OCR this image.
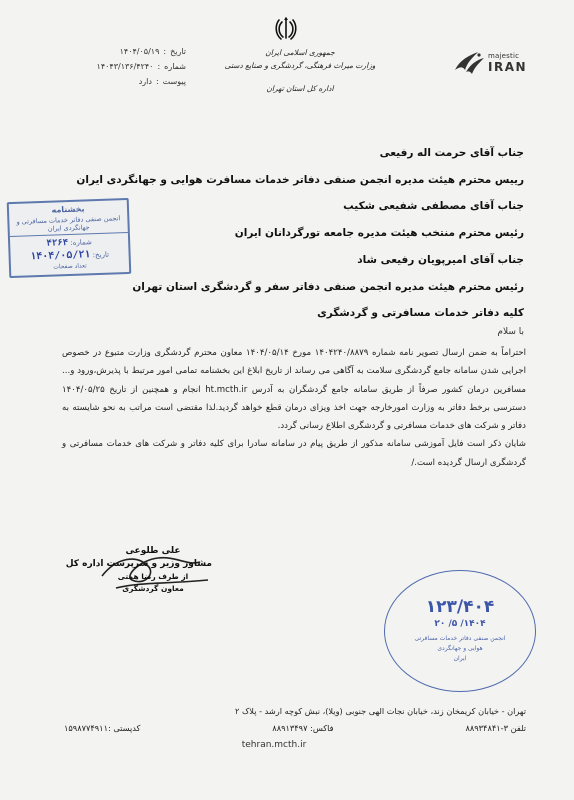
تاریخ
:
۱۴۰۴/۰۵/۱۹
شماره
:
۱۴۰۴۳/۱۳۶/۴۲۴۰
پیوست
:
دارد
جمهوری اسلامی ایران
وزارت میراث فرهنگی، گردشگری و صنایع دستی
اداره کل استان تهران
majestic
IRAN
جناب آقای حرمت اله رفیعی
رییس محترم هیئت مدیره انجمن صنفی دفاتر خدمات مسافرت هوایی و جهانگردی ایران
جناب آقای مصطفی شفیعی شکیب
رئیس محترم منتخب هیئت مدیره جامعه تورگردانان ایران
جناب آقای امیرپویان رفیعی شاد
رئیس محترم هیئت مدیره انجمن صنفی دفاتر سفر و گردشگری استان تهران
کلیه دفاتر خدمات مسافرتی و گردشگری
با سلام

احتراماً به ضمن ارسال تصویر نامه شماره ۱۴۰۴۲۴۰/۸۸۷۹ مورخ ۱۴۰۴/۰۵/۱۴ معاون محترم گردشگری وزارت متبوع در خصوص اجرایی شدن سامانه جامع گردشگری سلامت به آگاهی می رساند از تاریخ ابلاغ این بخشنامه تمامی امور مرتبط با پذیرش،ورود و... مسافرین درمان کشور صرفاً از طریق سامانه جامع گردشگران به آدرس ht.mcth.ir انجام و همچنین از تاریخ ۱۴۰۴/۰۵/۲۵ دسترسی برخط دفاتر به وزارت امورخارجه جهت اخذ ویزای درمان قطع خواهد گردید.لذا مقتضی است مراتب به نحو شایسته به دفاتر و شرکت های خدمات مسافرتی و گردشگری اطلاع رسانی گردد.

شایان ذکر است فایل آموزشی سامانه مذکور از طریق پیام در سامانه سادرا برای کلیه دفاتر و شرکت های خدمات مسافرتی و گردشگری ارسال گردیده است./

بخشنامه
انجمن صنفی دفاتر خدمات مسافرتی و جهانگردی ایران
شماره: ۴۲۶۴
تاریخ: ۱۴۰۴/۰۵/۲۱
تعداد صفحات
علی طلوعی
مشاور وزیر و سرپرست اداره کل
از طرف رضا همتی
معاون گردشگری
۱۲۳/۴۰۴
۱۴۰۴/ ۵/ ۲۰
انجمن صنفی دفاتر خدمات مسافرتی
هوایی و جهانگردی
ایران
تهران - خیابان کریمخان زند، خیابان نجات الهی جنوبی (ویلا)، نبش کوچه ارشد - پلاک ۲
تلفن ۳-۸۸۹۳۴۸۴۱
فاکس: ۸۸۹۱۳۴۹۷
کدپستی :۱۵۹۸۷۷۴۹۱۱
tehran.mcth.ir
